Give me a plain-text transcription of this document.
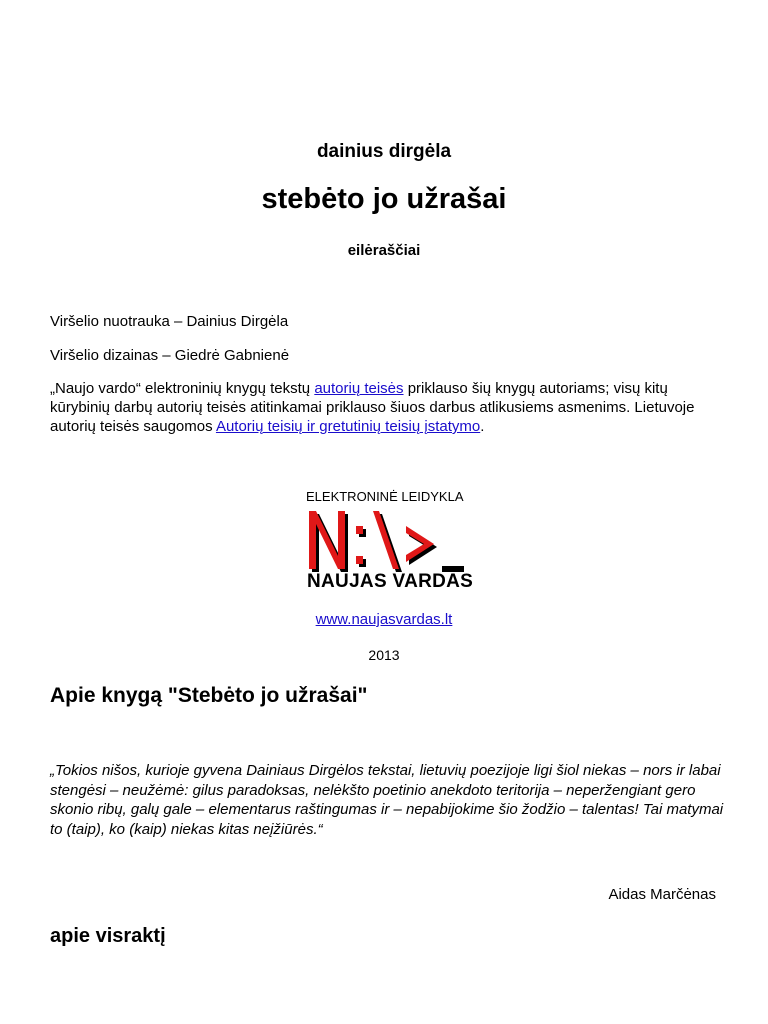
dainius dirgėla
stebėto jo užrašai
eilėraščiai
Viršelio nuotrauka – Dainius Dirgėla
Viršelio dizainas – Giedrė Gabnienė
„Naujo vardo“ elektroninių knygų tekstų autorių teisės priklauso šių knygų autoriams; visų kitų kūrybinių darbų autorių teisės atitinkamai priklauso šiuos darbus atlikusiems asmenims. Lietuvoje autorių teisės saugomos Autorių teisių ir gretutinių teisių įstatymo.
ELEKTRONINĖ LEIDYKLA
N:\>_
NAUJAS VARDAS
www.naujasvardas.lt
2013
Apie knygą "Stebėto jo užrašai"
„Tokios nišos, kurioje gyvena Dainiaus Dirgėlos tekstai, lietuvių poezijoje ligi šiol niekas – nors ir labai stengėsi – neužėmė: gilus paradoksas, nelėkšto poetinio anekdoto teritorija – neperžengiant gero skonio ribų, galų gale – elementarus raštingumas ir – nepabijokime šio žodžio – talentas! Tai matymai to (taip), ko (kaip) niekas kitas neįžiūrės.“
Aidas Marčėnas
apie visraktį
